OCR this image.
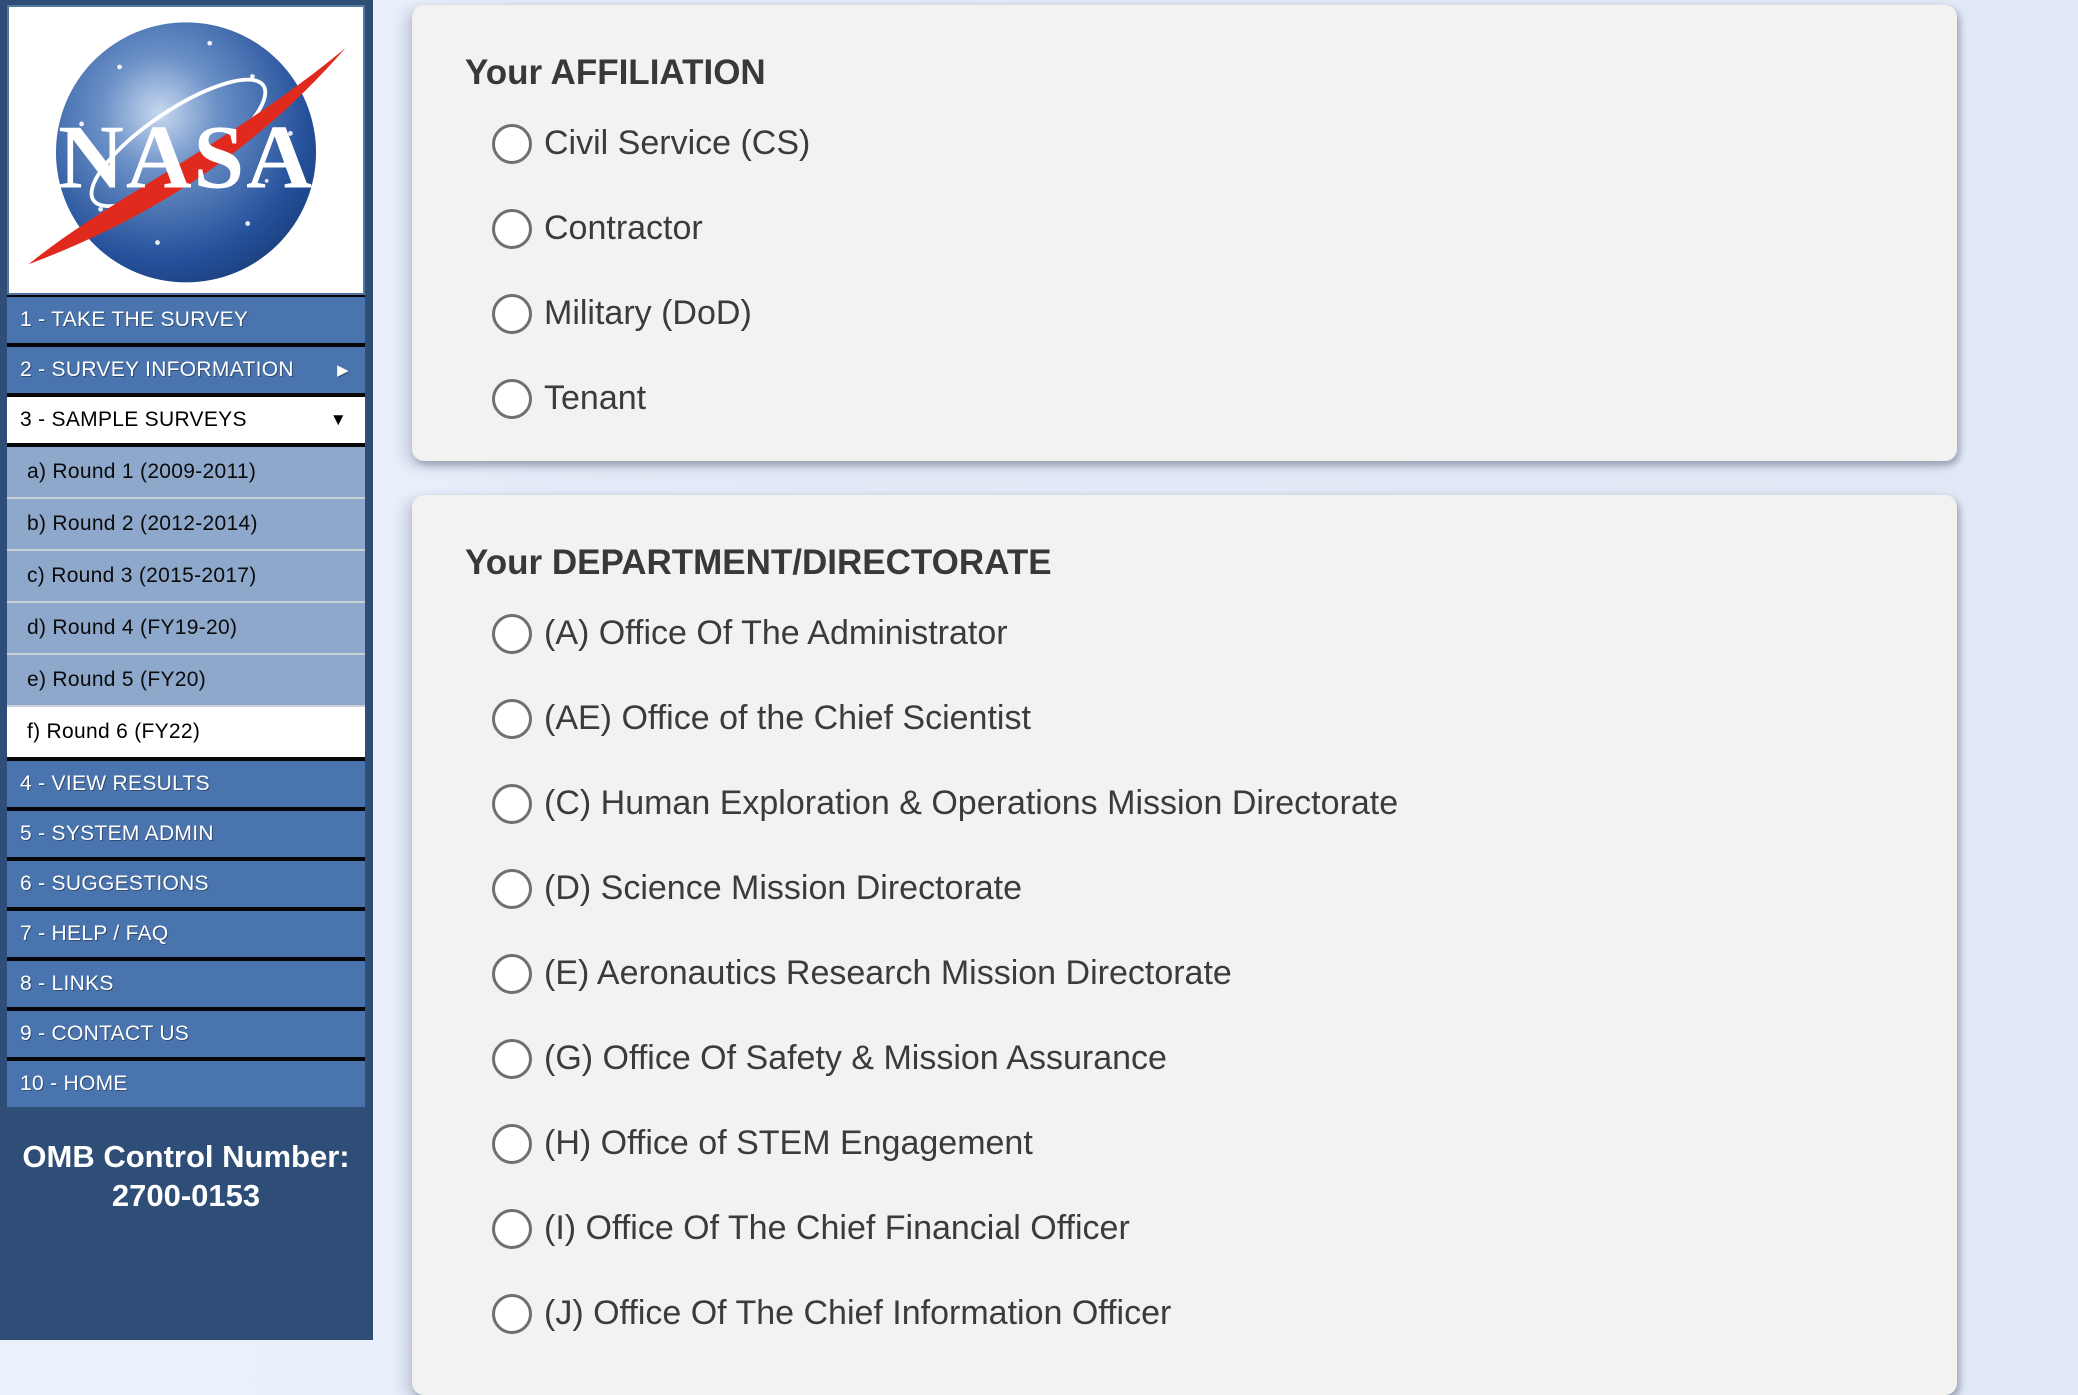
NASA
1 - TAKE THE SURVEY
2 - SURVEY INFORMATION	▶
3 - SAMPLE SURVEYS	▼
a) Round 1 (2009-2011)
b) Round 2 (2012-2014)
c) Round 3 (2015-2017)
d) Round 4 (FY19-20)
e) Round 5 (FY20)
f) Round 6 (FY22)
4 - VIEW RESULTS
5 - SYSTEM ADMIN
6 - SUGGESTIONS
7 - HELP / FAQ
8 - LINKS
9 - CONTACT US
10 - HOME
OMB Control Number:
2700-0153
Your AFFILIATION
Civil Service (CS)
Contractor
Military (DoD)
Tenant
Your DEPARTMENT/DIRECTORATE
(A) Office Of The Administrator
(AE) Office of the Chief Scientist
(C) Human Exploration & Operations Mission Directorate
(D) Science Mission Directorate
(E) Aeronautics Research Mission Directorate
(G) Office Of Safety & Mission Assurance
(H) Office of STEM Engagement
(I) Office Of The Chief Financial Officer
(J) Office Of The Chief Information Officer
